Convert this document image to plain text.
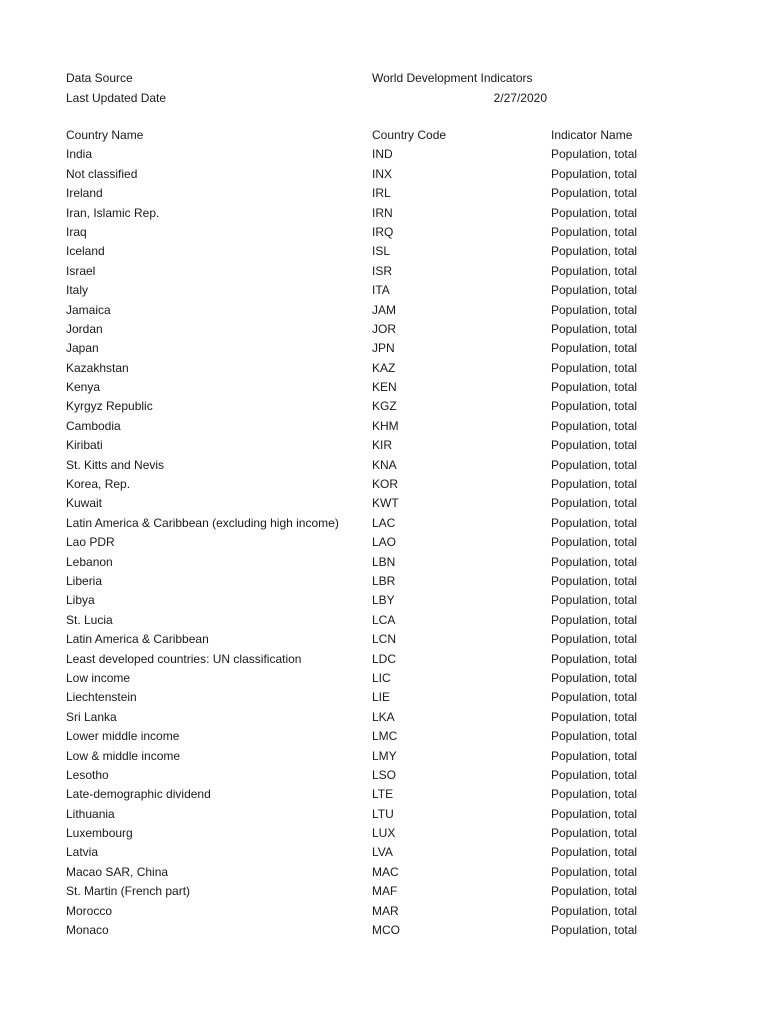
Data Source	World Development Indicators
Last Updated Date	2/27/2020
Country Name	Country Code	Indicator Name
India	IND	Population, total
Not classified	INX	Population, total
Ireland	IRL	Population, total
Iran, Islamic Rep.	IRN	Population, total
Iraq	IRQ	Population, total
Iceland	ISL	Population, total
Israel	ISR	Population, total
Italy	ITA	Population, total
Jamaica	JAM	Population, total
Jordan	JOR	Population, total
Japan	JPN	Population, total
Kazakhstan	KAZ	Population, total
Kenya	KEN	Population, total
Kyrgyz Republic	KGZ	Population, total
Cambodia	KHM	Population, total
Kiribati	KIR	Population, total
St. Kitts and Nevis	KNA	Population, total
Korea, Rep.	KOR	Population, total
Kuwait	KWT	Population, total
Latin America & Caribbean (excluding high income)	LAC	Population, total
Lao PDR	LAO	Population, total
Lebanon	LBN	Population, total
Liberia	LBR	Population, total
Libya	LBY	Population, total
St. Lucia	LCA	Population, total
Latin America & Caribbean	LCN	Population, total
Least developed countries: UN classification	LDC	Population, total
Low income	LIC	Population, total
Liechtenstein	LIE	Population, total
Sri Lanka	LKA	Population, total
Lower middle income	LMC	Population, total
Low & middle income	LMY	Population, total
Lesotho	LSO	Population, total
Late-demographic dividend	LTE	Population, total
Lithuania	LTU	Population, total
Luxembourg	LUX	Population, total
Latvia	LVA	Population, total
Macao SAR, China	MAC	Population, total
St. Martin (French part)	MAF	Population, total
Morocco	MAR	Population, total
Monaco	MCO	Population, total
